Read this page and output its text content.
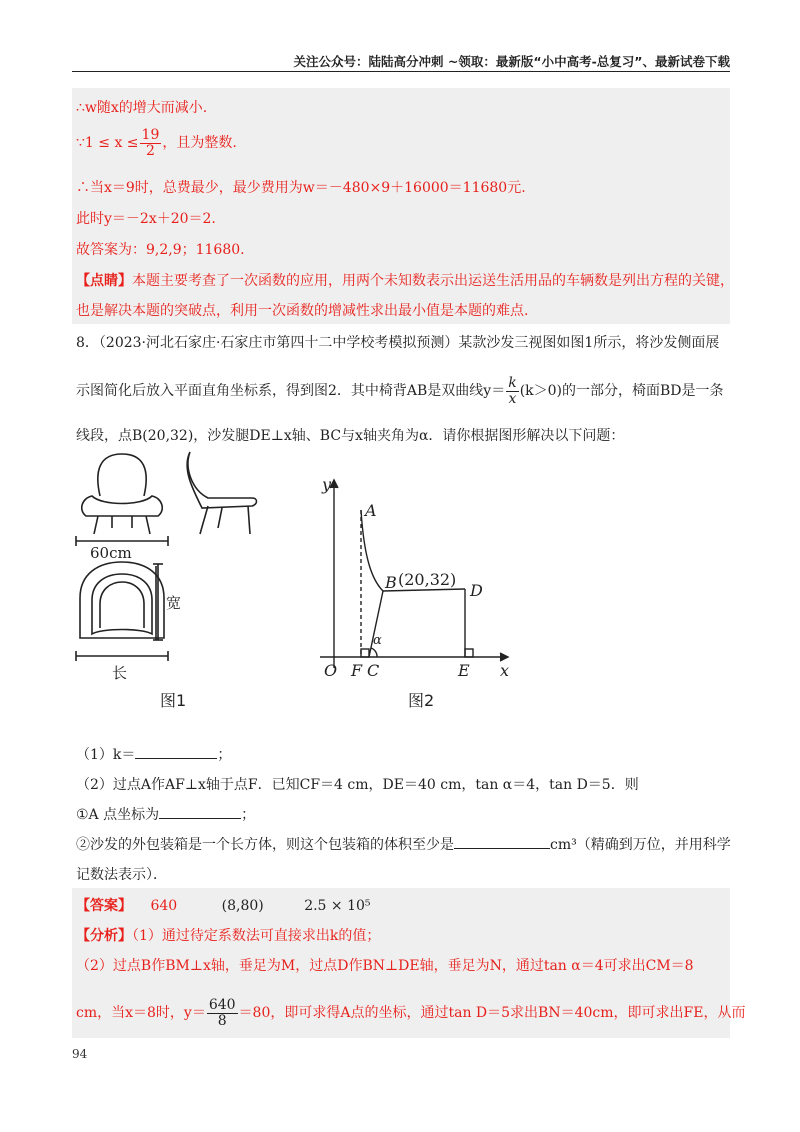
关注公众号：陆陆高分冲刺 ~领取：最新版“小中高考-总复习”、最新试卷下载
∴w随x的增大而减小.
∵1 ≤ $x \le \frac{19}{2}$ ，且为整数.
∴当x＝9时，总费最少，最少费用为w＝－480×9＋16000＝11680元.
此时y＝－2x＋20＝2.
故答案为：9,2,9；11680.
【点睛】本题主要考查了一次函数的应用，用两个未知数表示出运送生活用品的车辆数是列出方程的关键，
也是解决本题的突破点，利用一次函数的增减性求出最小值是本题的难点.
8．（2023·河北石家庄·石家庄市第四十二中学校考模拟预测）某款沙发三视图如图1所示，将沙发侧面展
示图简化后放入平面直角坐标系，得到图2．其中椅背AB是双曲线$y= \frac{k}{x} (k>0)$的一部分，椅面BD是一条
线段，点B(20,32)，沙发腿DE⊥x轴、BC与x轴夹角为α．请你根据图形解决以下问题：
60cm
宽
长
图1
y
x
O
A
B (20,32)
D
F C	E
α
图2
（1）k＝	；
（2）过点A作AF⊥x轴于点F．已知CF＝4 cm，DE＝40 cm，tan α＝4，tan D＝5．则
①A 点坐标为	；
②沙发的外包装箱是一个长方体，则这个包装箱的体积至少是	cm³（精确到万位，并用科学
记数法表示）．
【答案】 640	(8,80)	2.5 × 10⁵
【分析】（1）通过待定系数法可直接求出k的值；
（2）过点B作BM⊥x轴，垂足为M，过点D作BN⊥DE轴，垂足为N，通过tan α＝4可求出CM＝8
cm，当x＝8时，$y= \frac{640}{8} =80$，即可求得A点的坐标，通过tan D＝5求出BN＝40cm，即可求出FE，从而
94
